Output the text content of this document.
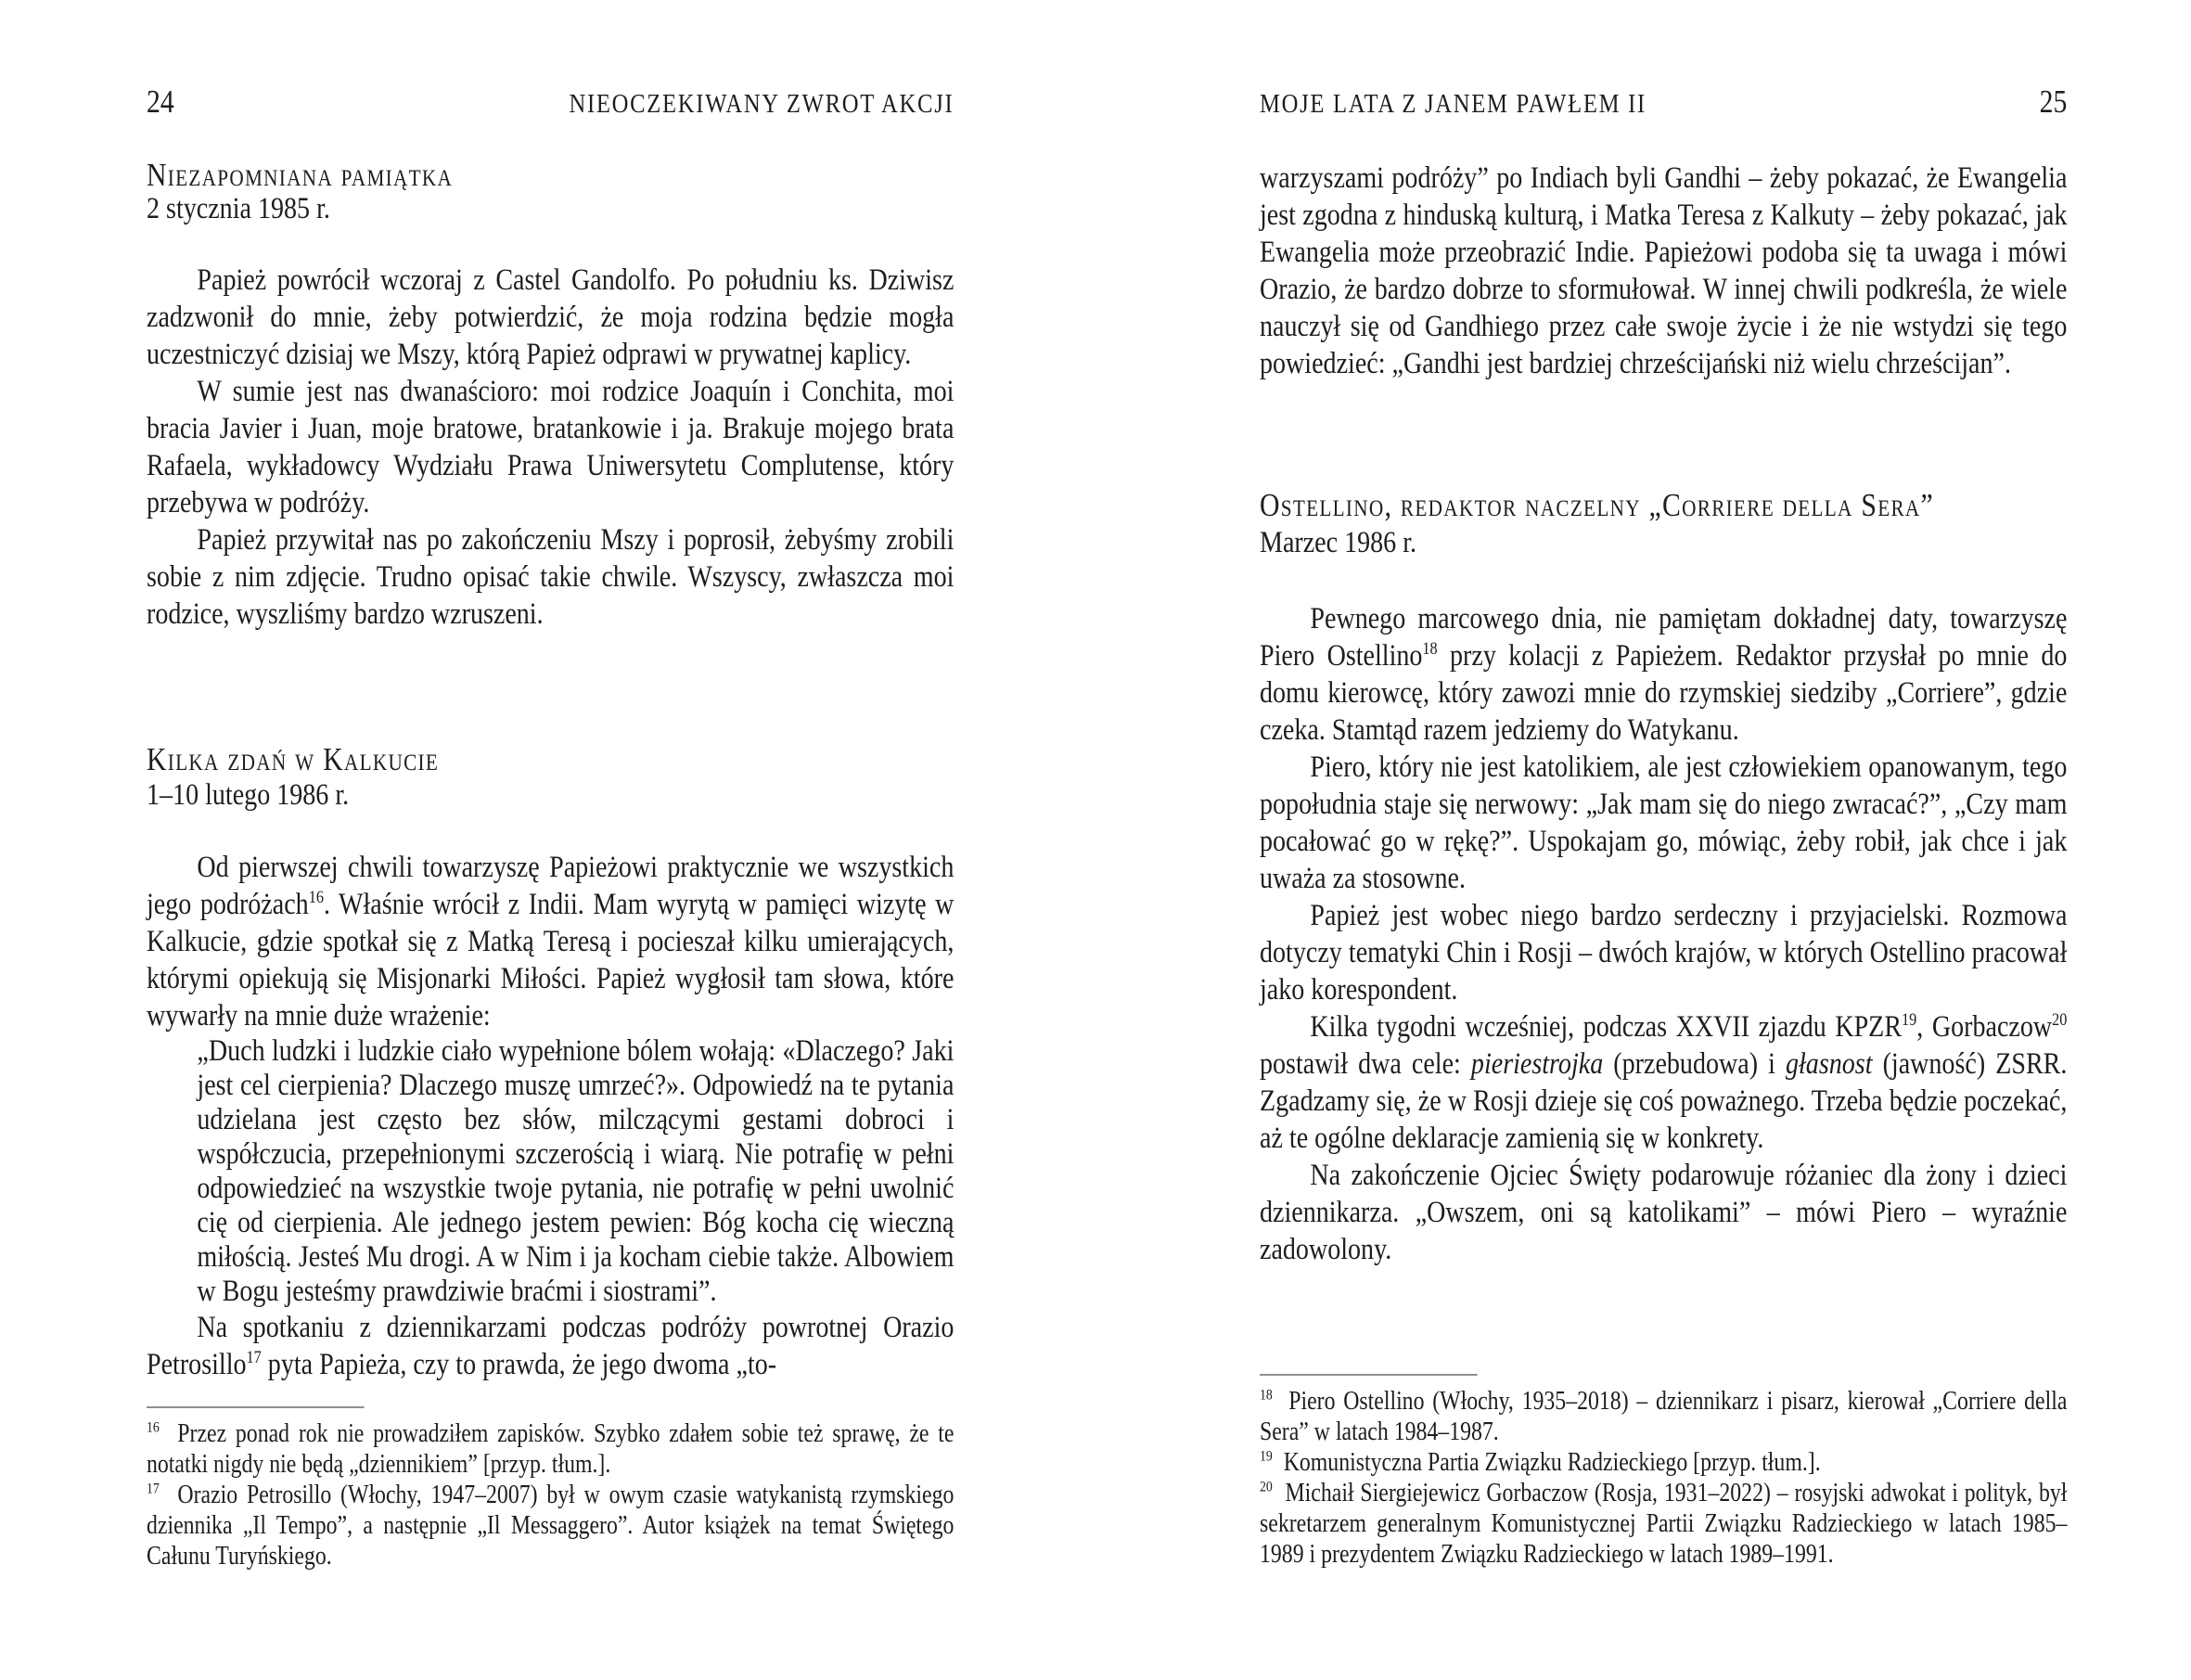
24	NIEOCZEKIWANY ZWROT AKCJI
Niezapomniana pamiątka
2 stycznia 1985 r.

Papież powrócił wczoraj z Castel Gandolfo. Po południu ks. Dziwisz zadzwonił do mnie, żeby potwierdzić, że moja rodzina będzie mogła uczestniczyć dzisiaj we Mszy, którą Papież odprawi w prywatnej kaplicy.

W sumie jest nas dwanaścioro: moi rodzice Joaquín i Conchita, moi bracia Javier i Juan, moje bratowe, bratankowie i ja. Brakuje mojego brata Rafaela, wykładowcy Wydziału Prawa Uniwersytetu Complutense, który przebywa w podróży.

Papież przywitał nas po zakończeniu Mszy i poprosił, żebyśmy zrobili sobie z nim zdjęcie. Trudno opisać takie chwile. Wszyscy, zwłaszcza moi rodzice, wyszliśmy bardzo wzruszeni.

Kilka zdań w Kalkucie
1–10 lutego 1986 r.

Od pierwszej chwili towarzyszę Papieżowi praktycznie we wszystkich jego podróżach$^{16}$. Właśnie wrócił z Indii. Mam wyrytą w pamięci wizytę w Kalkucie, gdzie spotkał się z Matką Teresą i pocieszał kilku umierających, którymi opiekują się Misjonarki Miłości. Papież wygłosił tam słowa, które wywarły na mnie duże wrażenie:

„Duch ludzki i ludzkie ciało wypełnione bólem wołają: «Dlaczego? Jaki jest cel cierpienia? Dlaczego muszę umrzeć?». Odpowiedź na te pytania udzielana jest często bez słów, milczącymi gestami dobroci i współczucia, przepełnionymi szczerością i wiarą. Nie potrafię w pełni odpowiedzieć na wszystkie twoje pytania, nie potrafię w pełni uwolnić cię od cierpienia. Ale jednego jestem pewien: Bóg kocha cię wieczną miłością. Jesteś Mu drogi. A w Nim i ja kocham ciebie także. Albowiem w Bogu jesteśmy prawdziwie braćmi i siostrami”.

Na spotkaniu z dziennikarzami podczas podróży powrotnej Orazio Petrosillo$^{17}$ pyta Papieża, czy to prawda, że jego dwoma „to-

$^{16}$  Przez ponad rok nie prowadziłem zapisków. Szybko zdałem sobie też sprawę, że te notatki nigdy nie będą „dziennikiem” [przyp. tłum.].

$^{17}$  Orazio Petrosillo (Włochy, 1947–2007) był w owym czasie watykanistą rzymskiego dziennika „Il Tempo”, a następnie „Il Messaggero”. Autor książek na temat Świętego Całunu Turyńskiego.

MOJE LATA Z JANEM PAWŁEM II	25

warzyszami podróży” po Indiach byli Gandhi – żeby pokazać, że Ewangelia jest zgodna z hinduską kulturą, i Matka Teresa z Kalkuty – żeby pokazać, jak Ewangelia może przeobrazić Indie. Papieżowi podoba się ta uwaga i mówi Orazio, że bardzo dobrze to sformułował. W innej chwili podkreśla, że wiele nauczył się od Gandhiego przez całe swoje życie i że nie wstydzi się tego powiedzieć: „Gandhi jest bardziej chrześcijański niż wielu chrześcijan”.

Ostellino, redaktor naczelny „Corriere della Sera”
Marzec 1986 r.

Pewnego marcowego dnia, nie pamiętam dokładnej daty, towarzyszę Piero Ostellino$^{18}$ przy kolacji z Papieżem. Redaktor przysłał po mnie do domu kierowcę, który zawozi mnie do rzymskiej siedziby „Corriere”, gdzie czeka. Stamtąd razem jedziemy do Watykanu.

Piero, który nie jest katolikiem, ale jest człowiekiem opanowanym, tego popołudnia staje się nerwowy: „Jak mam się do niego zwracać?”, „Czy mam pocałować go w rękę?”. Uspokajam go, mówiąc, żeby robił, jak chce i jak uważa za stosowne.

Papież jest wobec niego bardzo serdeczny i przyjacielski. Rozmowa dotyczy tematyki Chin i Rosji – dwóch krajów, w których Ostellino pracował jako korespondent.

Kilka tygodni wcześniej, podczas XXVII zjazdu KPZR$^{19}$, Gorbaczow$^{20}$ postawił dwa cele: pieriestrojka (przebudowa) i głasnost (jawność) ZSRR. Zgadzamy się, że w Rosji dzieje się coś poważnego. Trzeba będzie poczekać, aż te ogólne deklaracje zamienią się w konkrety.

Na zakończenie Ojciec Święty podarowuje różaniec dla żony i dzieci dziennikarza. „Owszem, oni są katolikami” – mówi Piero – wyraźnie zadowolony.

$^{18}$  Piero Ostellino (Włochy, 1935–2018) – dziennikarz i pisarz, kierował „Corriere della Sera” w latach 1984–1987.

$^{19}$  Komunistyczna Partia Związku Radzieckiego [przyp. tłum.].

$^{20}$  Michaił Siergiejewicz Gorbaczow (Rosja, 1931–2022) – rosyjski adwokat i polityk, był sekretarzem generalnym Komunistycznej Partii Związku Radzieckiego w latach 1985–1989 i prezydentem Związku Radzieckiego w latach 1989–1991.
